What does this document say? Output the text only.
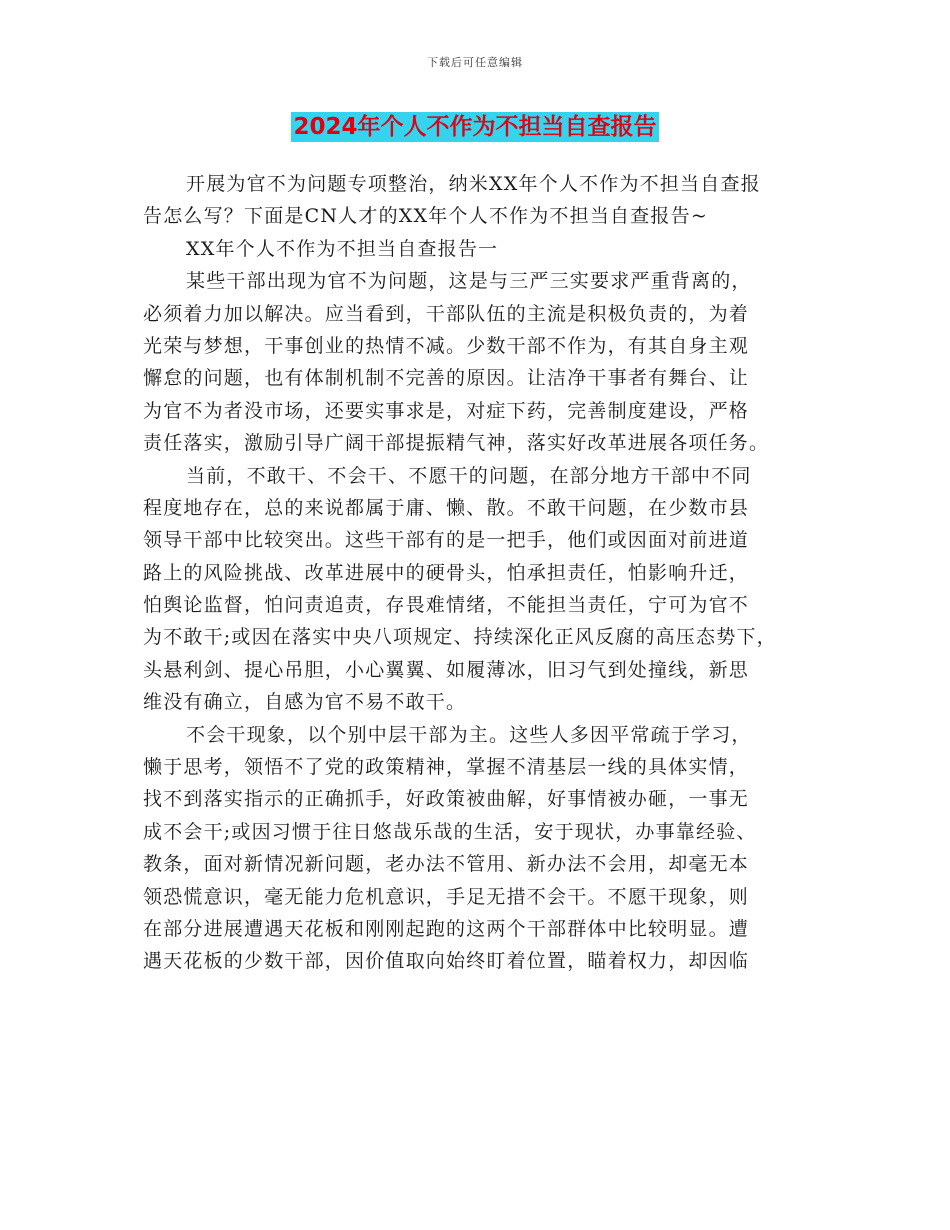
下载后可任意编辑
2024年个人不作为不担当自查报告
开展为官不为问题专项整治，纳米XX年个人不作为不担当自查报
告怎么写？下面是CN人才的XX年个人不作为不担当自查报告~
XX年个人不作为不担当自查报告一
某些干部出现为官不为问题，这是与三严三实要求严重背离的，
必须着力加以解决。应当看到，干部队伍的主流是积极负责的，为着
光荣与梦想，干事创业的热情不减。少数干部不作为，有其自身主观
懈怠的问题，也有体制机制不完善的原因。让洁净干事者有舞台、让
为官不为者没市场，还要实事求是，对症下药，完善制度建设，严格
责任落实，激励引导广阔干部提振精气神，落实好改革进展各项任务。
当前，不敢干、不会干、不愿干的问题，在部分地方干部中不同
程度地存在，总的来说都属于庸、懒、散。不敢干问题，在少数市县
领导干部中比较突出。这些干部有的是一把手，他们或因面对前进道
路上的风险挑战、改革进展中的硬骨头，怕承担责任，怕影响升迁，
怕舆论监督，怕问责追责，存畏难情绪，不能担当责任，宁可为官不
为不敢干;或因在落实中央八项规定、持续深化正风反腐的高压态势下，
头悬利剑、提心吊胆，小心翼翼、如履薄冰，旧习气到处撞线，新思
维没有确立，自感为官不易不敢干。
不会干现象，以个别中层干部为主。这些人多因平常疏于学习，
懒于思考，领悟不了党的政策精神，掌握不清基层一线的具体实情，
找不到落实指示的正确抓手，好政策被曲解，好事情被办砸，一事无
成不会干;或因习惯于往日悠哉乐哉的生活，安于现状，办事靠经验、
教条，面对新情况新问题，老办法不管用、新办法不会用，却毫无本
领恐慌意识，毫无能力危机意识，手足无措不会干。不愿干现象，则
在部分进展遭遇天花板和刚刚起跑的这两个干部群体中比较明显。遭
遇天花板的少数干部，因价值取向始终盯着位置，瞄着权力，却因临
